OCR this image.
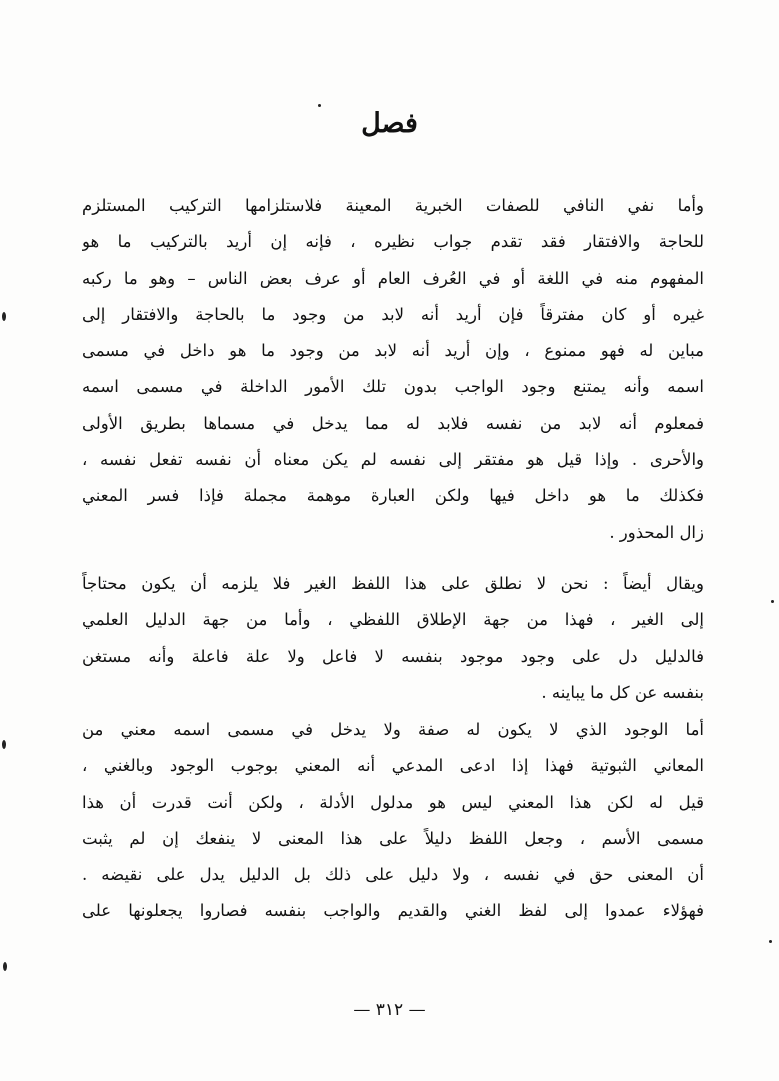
فصل
وأما نفي النافي للصفات الخبرية المعينة فلاستلزامها التركيب المستلزم
للحاجة والافتقار فقد تقدم جواب نظيره ، فإنه إن أريد بالتركيب ما هو
المفهوم منه في اللغة أو في العُرف العام أو عرف بعض الناس – وهو ما ركبه
غيره أو كان مفترقاً فإن أريد أنه لابد من وجود ما بالحاجة والافتقار إلى
مباين له فهو ممنوع ، وإن أريد أنه لابد من وجود ما هو داخل في مسمى
اسمه وأنه يمتنع وجود الواجب بدون تلك الأمور الداخلة في مسمى اسمه
فمعلوم أنه لابد من نفسه فلابد له مما يدخل في مسماها بطريق الأولى
والأحرى . وإذا قيل هو مفتقر إلى نفسه لم يكن معناه أن نفسه تفعل نفسه ،
فكذلك ما هو داخل فيها ولكن العبارة موهمة مجملة فإذا فسر المعني
زال المحذور .
ويقال أيضاً : نحن لا نطلق على هذا اللفظ الغير فلا يلزمه أن يكون محتاجاً
إلى الغير ، فهذا من جهة الإطلاق اللفظي ، وأما من جهة الدليل العلمي
فالدليل دل على وجود موجود بنفسه لا فاعل ولا علة فاعلة وأنه مستغن
بنفسه عن كل ما يباينه .
أما الوجود الذي لا يكون له صفة ولا يدخل في مسمى اسمه معني من
المعاني الثبوتية فهذا إذا ادعى المدعي أنه المعني بوجوب الوجود وبالغني ،
قيل له لكن هذا المعني ليس هو مدلول الأدلة ، ولكن أنت قدرت أن هذا
مسمى الأسم ، وجعل اللفظ دليلاً على هذا المعنى لا ينفعك إن لم يثبت
أن المعنى حق في نفسه ، ولا دليل على ذلك بل الدليل يدل على نقيضه .
فهؤلاء عمدوا إلى لفظ الغني والقديم والواجب بنفسه فصاروا يجعلونها على
— ٣١٢ —
